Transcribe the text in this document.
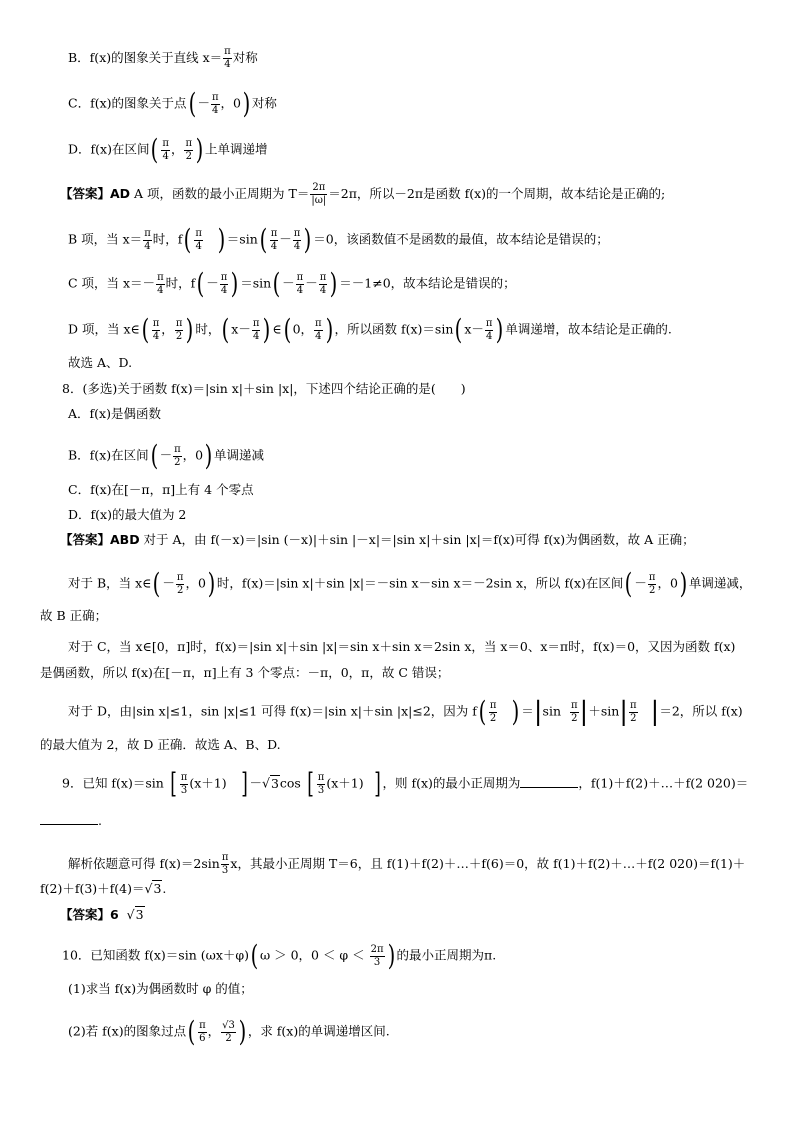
B．f(x)的图象关于直线 $x= \frac{\pi}{4}$ 对称
C．f(x)的图象关于点( － $\frac{\pi}{4}$ ，0) 对称
D．f(x)在区间( $\frac{\pi}{4}$ ， $\frac{\pi}{2}$ ) 上单调递增
【答案】AD A 项，函数的最小正周期为 $T= \frac{2\pi}{|\omega|} =2\pi$，所以－2π是函数 f(x)的一个周期，故本结论是正确的;
B 项，当 $x= \frac{\pi}{4}$ 时，$f( \frac{\pi}{4}$ ) $=\sin( \frac{\pi}{4} - \frac{\pi}{4}$ ) ＝0，该函数值不是函数的最值，故本结论是错误的；
C 项，当 $x=- \frac{\pi}{4}$ 时，$f( - \frac{\pi}{4}$ ) $=\sin( - \frac{\pi}{4} - \frac{\pi}{4}$ ) ＝－1≠0，故本结论是错误的；
D 项，当 x∈( $\frac{\pi}{4}$ ， $\frac{\pi}{2}$ ) 时，( $x- \frac{\pi}{4}$ ) ∈( 0， $\frac{\pi}{4}$ ) ，所以函数 f(x)＝sin( $x- \frac{\pi}{4}$ ) 单调递增，故本结论是正确的.
故选 A、D.
8．(多选)关于函数 f(x)＝|sin x|＋sin |x|，下述四个结论正确的是(　　)
A．f(x)是偶函数
B．f(x)在区间( － $\frac{\pi}{2}$ ，0) 单调递减
C．f(x)在[－π，π]上有 4 个零点
D．f(x)的最大值为 2
【答案】ABD 对于 A，由 f(－x)＝|sin (－x)|＋sin |－x|＝|sin x|＋sin |x|＝f(x)可得 f(x)为偶函数，故 A 正确；
对于 B，当 x∈( － $\frac{\pi}{2}$ ，0) 时，f(x)＝|sin x|＋sin |x|＝－sin x－sin x＝－2sin x，所以 f(x)在区间( － $\frac{\pi}{2}$ ，0) 单调递减，
故 B 正确；
对于 C，当 x∈[0，π]时，f(x)＝|sin x|＋sin |x|＝sin x＋sin x＝2sin x，当 x＝0、x＝π时，f(x)＝0，又因为函数 f(x)
是偶函数，所以 f(x)在[－π，π]上有 3 个零点：－π，0，π，故 C 错误；
对于 D，由|sin x|≤1，sin |x|≤1 可得 f(x)＝|sin x|＋sin |x|≤2，因为 $f( \frac{\pi}{2}$ ) $=|\sin \frac{\pi}{2} |+\sin| \frac{\pi}{2} |=2$，所以 f(x)
的最大值为 2，故 D 正确．故选 A、B、D.
9．已知 f(x)＝sin [ $\frac{\pi}{3} (x+1)$ ] －√3cos [ $\frac{\pi}{3} (x+1)$ ] ，则 f(x)的最小正周期为	，f(1)＋f(2)＋…＋f(2 020)＝
.
解析依题意可得 $f(x)=2\sin \frac{\pi}{3}$ x，其最小正周期 T＝6，且 f(1)＋f(2)＋…＋f(6)＝0，故 f(1)＋f(2)＋…＋f(2 020)＝f(1)＋
f(2)＋f(3)＋f(4)＝√3.
【答案】6  √3
10．已知函数 f(x)＝sin (ωx＋φ)( ω ＞ 0，$0 < \varphi < \frac{2\pi}{3}$ ) 的最小正周期为π.
(1)求当 f(x)为偶函数时 φ 的值；
(2)若 f(x)的图象过点( $\frac{\pi}{6}$ ， $\frac{√3}{2}$ ) ，求 f(x)的单调递增区间.
